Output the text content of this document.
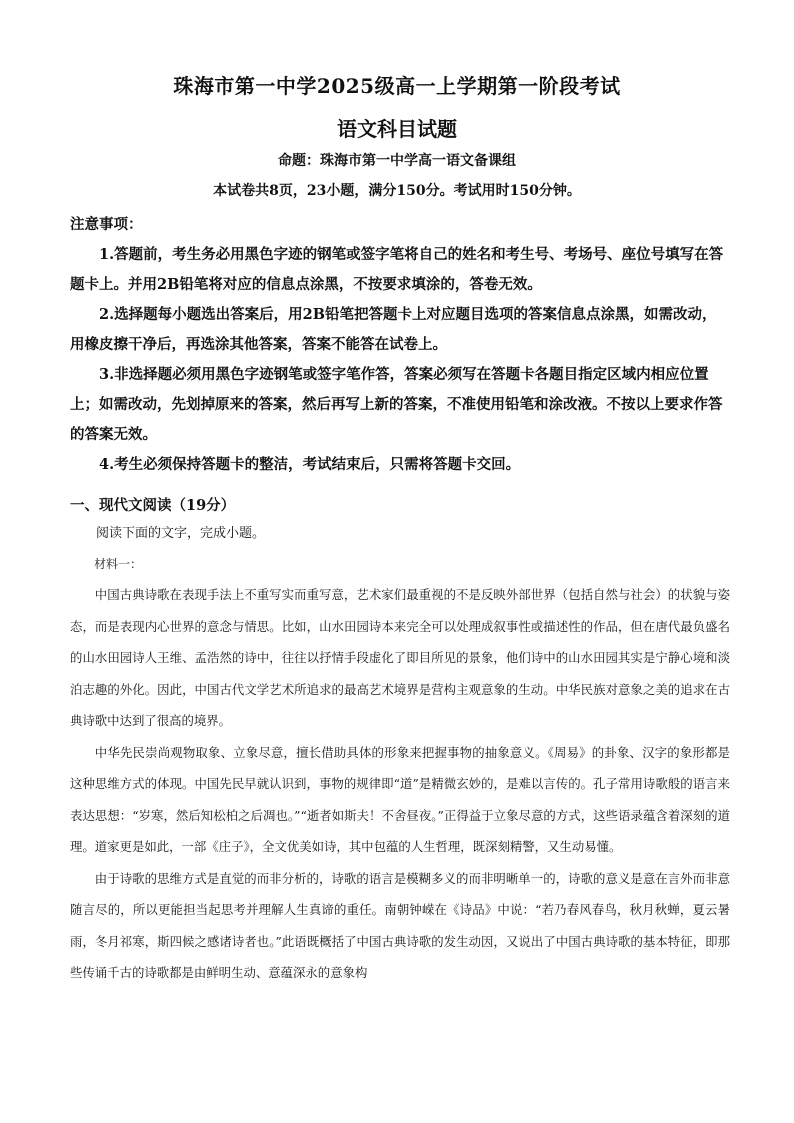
珠海市第一中学2025级高一上学期第一阶段考试
语文科目试题
命题：珠海市第一中学高一语文备课组
本试卷共8页，23小题，满分150分。考试用时150分钟。

注意事项：

1.答题前，考生务必用黑色字迹的钢笔或签字笔将自己的姓名和考生号、考场号、座位号填写在答题卡上。并用2B铅笔将对应的信息点涂黑，不按要求填涂的，答卷无效。

2.选择题每小题选出答案后，用2B铅笔把答题卡上对应题目选项的答案信息点涂黑，如需改动，用橡皮擦干净后，再选涂其他答案，答案不能答在试卷上。

3.非选择题必须用黑色字迹钢笔或签字笔作答，答案必须写在答题卡各题目指定区域内相应位置上；如需改动，先划掉原来的答案，然后再写上新的答案，不准使用铅笔和涂改液。不按以上要求作答的答案无效。

4.考生必须保持答题卡的整洁，考试结束后，只需将答题卡交回。

一、现代文阅读（19分）

阅读下面的文字，完成小题。

材料一：

中国古典诗歌在表现手法上不重写实而重写意，艺术家们最重视的不是反映外部世界（包括自然与社会）的状貌与姿态，而是表现内心世界的意念与情思。比如，山水田园诗本来完全可以处理成叙事性或描述性的作品，但在唐代最负盛名的山水田园诗人王维、孟浩然的诗中，往往以抒情手段虚化了即目所见的景象，他们诗中的山水田园其实是宁静心境和淡泊志趣的外化。因此，中国古代文学艺术所追求的最高艺术境界是营构主观意象的生动。中华民族对意象之美的追求在古典诗歌中达到了很高的境界。

中华先民崇尚观物取象、立象尽意，擅长借助具体的形象来把握事物的抽象意义。《周易》的卦象、汉字的象形都是这种思维方式的体现。中国先民早就认识到，事物的规律即“道”是精微玄妙的，是难以言传的。孔子常用诗歌般的语言来表达思想：“岁寒，然后知松柏之后凋也。”“逝者如斯夫！不舍昼夜。”正得益于立象尽意的方式，这些语录蕴含着深刻的道理。道家更是如此，一部《庄子》，全文优美如诗，其中包蕴的人生哲理，既深刻精警，又生动易懂。

由于诗歌的思维方式是直觉的而非分析的，诗歌的语言是模糊多义的而非明晰单一的，诗歌的意义是意在言外而非意随言尽的，所以更能担当起思考并理解人生真谛的重任。南朝钟嵘在《诗品》中说：“若乃春风春鸟，秋月秋蝉，夏云暑雨，冬月祁寒，斯四候之感诸诗者也。”此语既概括了中国古典诗歌的发生动因，又说出了中国古典诗歌的基本特征，即那些传诵千古的诗歌都是由鲜明生动、意蕴深永的意象构
